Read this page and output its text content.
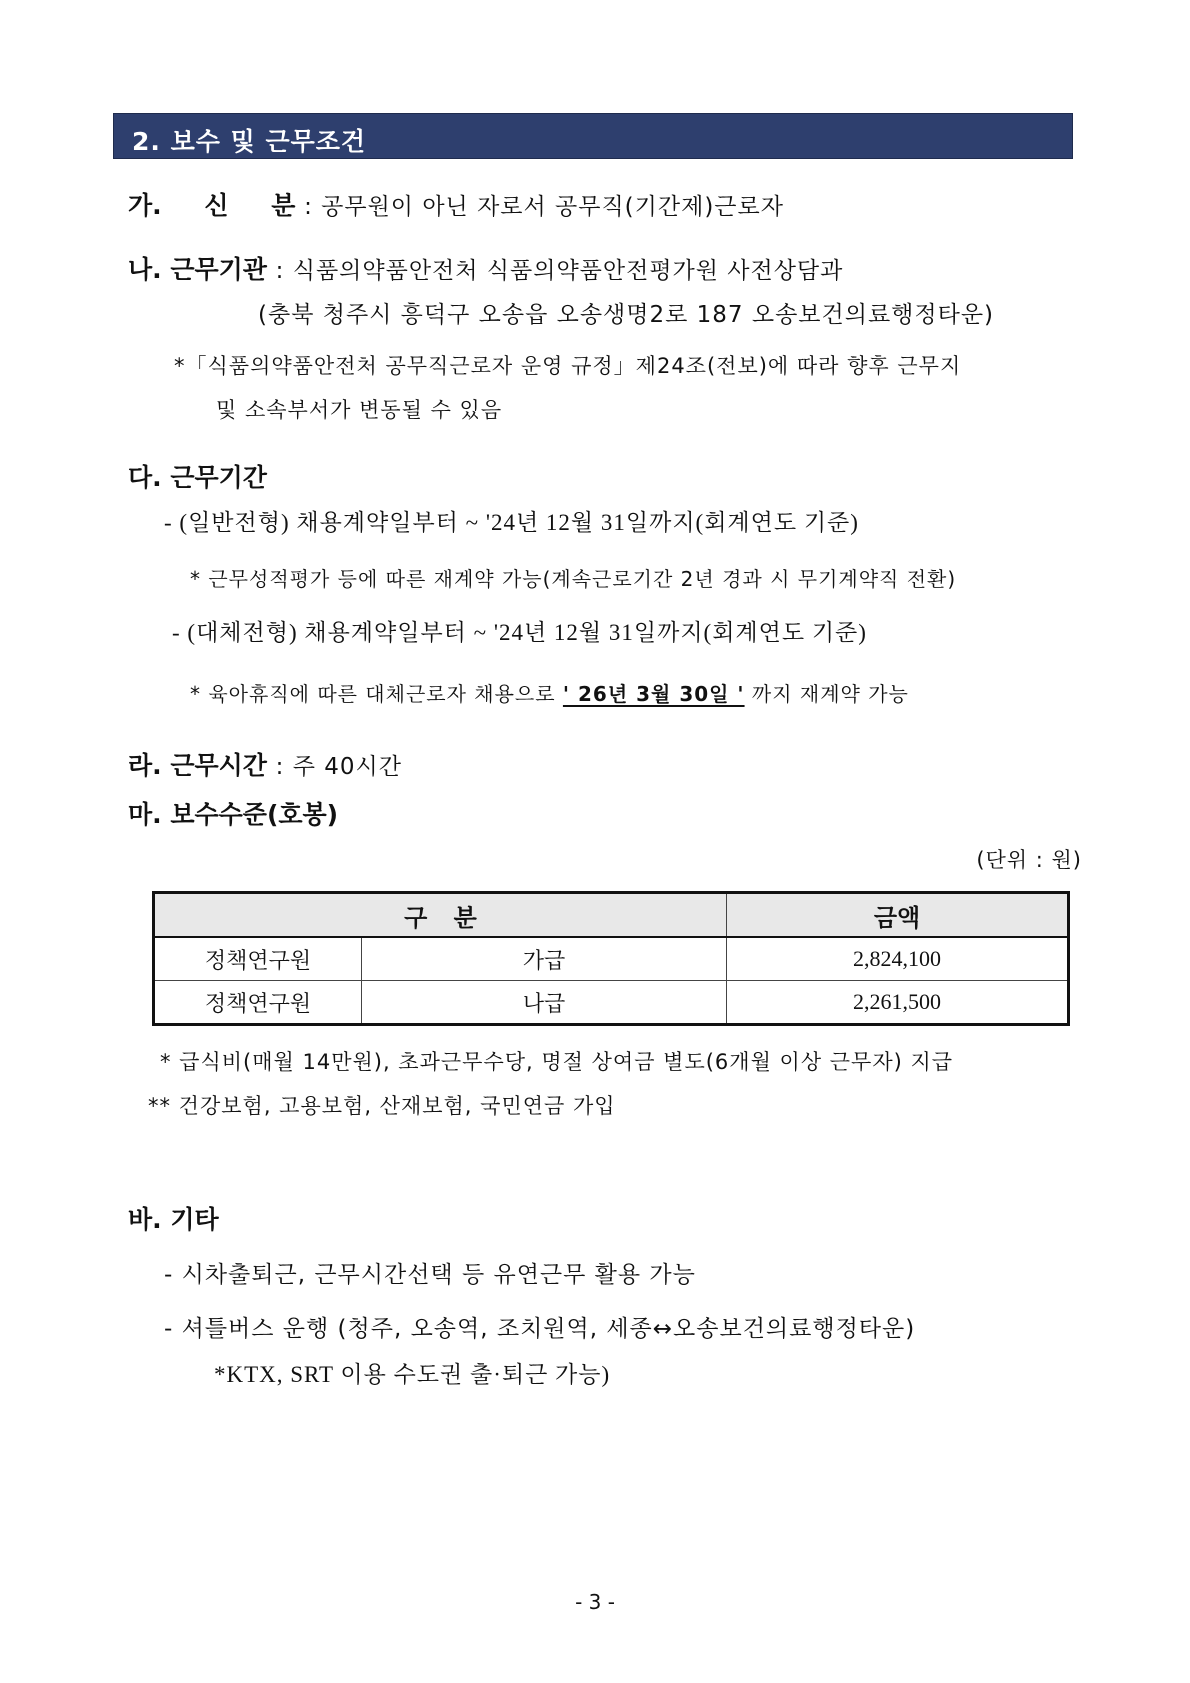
2. 보수 및 근무조건
가. 신 분 : 공무원이 아닌 자로서 공무직(기간제)근로자
나. 근무기관 : 식품의약품안전처 식품의약품안전평가원 사전상담과
(충북 청주시 흥덕구 오송읍 오송생명2로 187 오송보건의료행정타운)
*「식품의약품안전처 공무직근로자 운영 규정」제24조(전보)에 따라 향후 근무지
및 소속부서가 변동될 수 있음
다. 근무기간
- (일반전형) 채용계약일부터 ~ '24년 12월 31일까지(회계연도 기준)
* 근무성적평가 등에 따른 재계약 가능(계속근로기간 2년 경과 시 무기계약직 전환)
- (대체전형) 채용계약일부터 ~ '24년 12월 31일까지(회계연도 기준)
* 육아휴직에 따른 대체근로자 채용으로 ' 26년 3월 30일 ' 까지 재계약 가능
라. 근무시간 : 주 40시간
마. 보수수준(호봉)
(단위 : 원)
구 분		금액
정책연구원	가급	2,824,100
정책연구원	나급	2,261,500
* 급식비(매월 14만원), 초과근무수당, 명절 상여금 별도(6개월 이상 근무자) 지급
** 건강보험, 고용보험, 산재보험, 국민연금 가입
바. 기타
- 시차출퇴근, 근무시간선택 등 유연근무 활용 가능
- 셔틀버스 운행 (청주, 오송역, 조치원역, 세종↔오송보건의료행정타운)
*KTX, SRT 이용 수도권 출·퇴근 가능)
- 3 -
